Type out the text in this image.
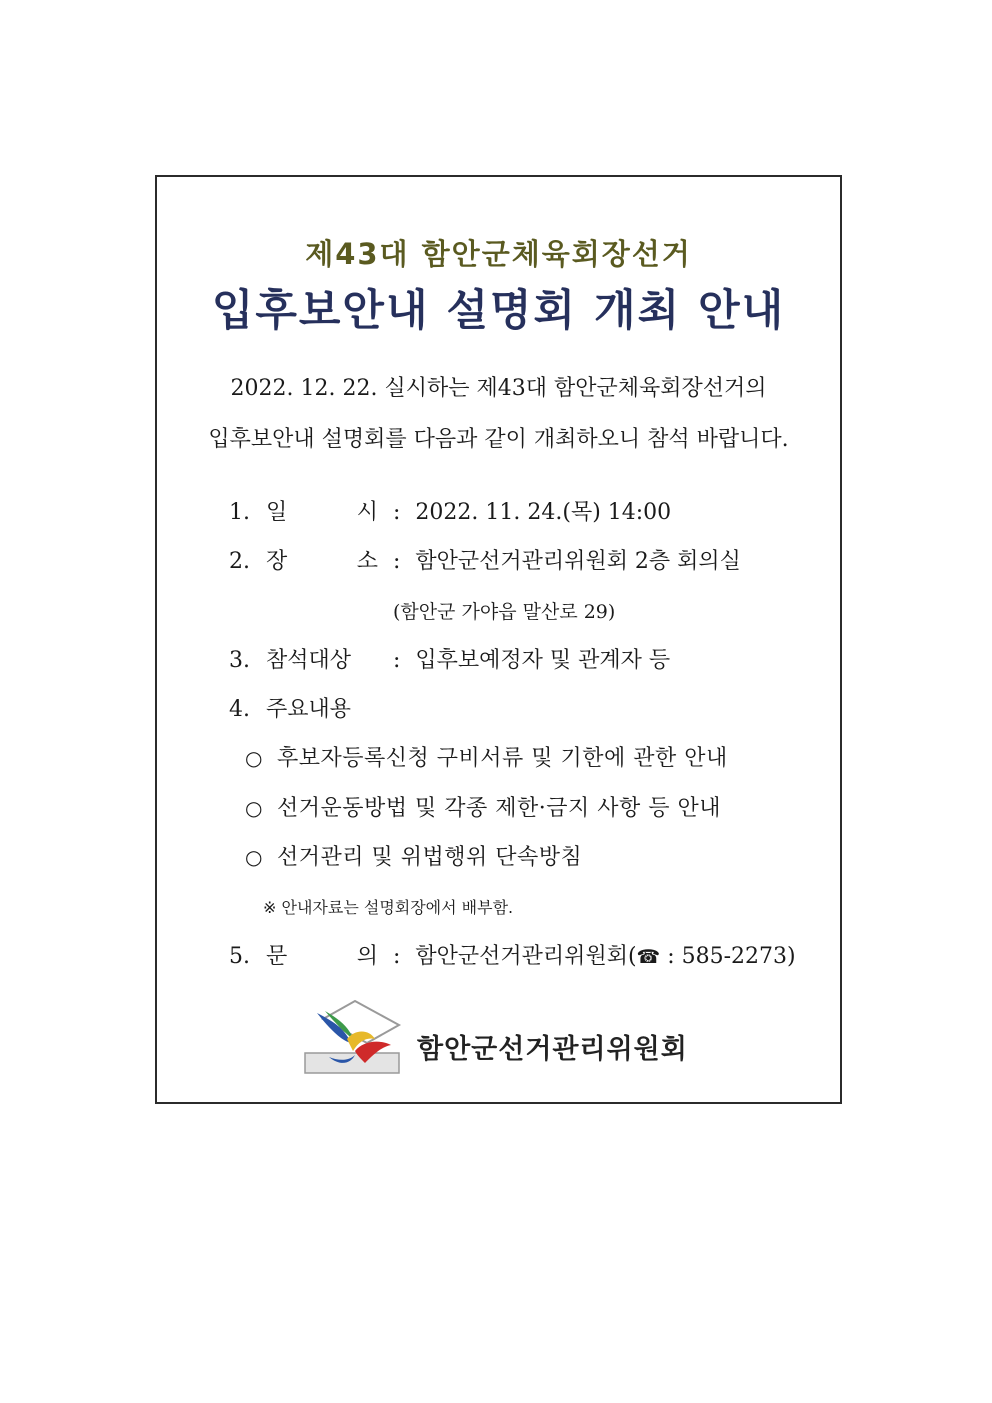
제43대 함안군체육회장선거
입후보안내 설명회 개최 안내
2022. 12. 22. 실시하는 제43대 함안군체육회장선거의
입후보안내 설명회를 다음과 같이 개최하오니 참석 바랍니다.
1. 일	시 : 2022. 11. 24.(목) 14:00
2. 장	소 : 함안군선거관리위원회 2층 회의실
(함안군 가야읍 말산로 29)
3. 참석대상 : 입후보예정자 및 관계자 등
4. 주요내용
○ 후보자등록신청 구비서류 및 기한에 관한 안내
○ 선거운동방법 및 각종 제한·금지 사항 등 안내
○ 선거관리 및 위법행위 단속방침
※ 안내자료는 설명회장에서 배부함.
5. 문	의 : 함안군선거관리위원회(☎ : 585-2273)
함안군선거관리위원회
